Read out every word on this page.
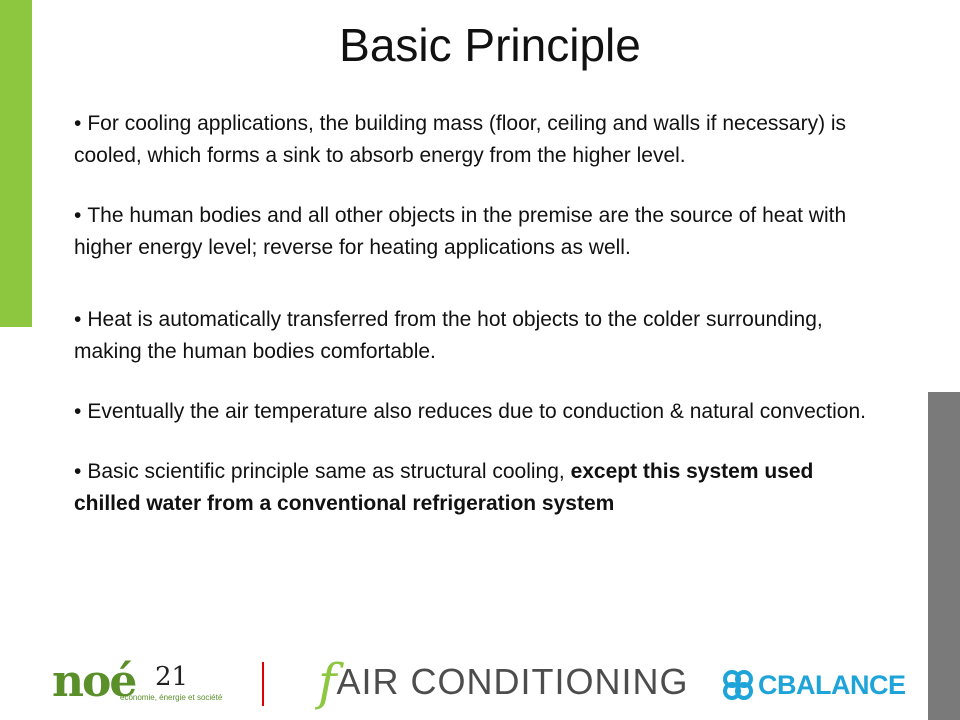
Basic Principle

• For cooling applications, the building mass (floor, ceiling and walls if necessary) is cooled, which forms a sink to absorb energy from the higher level.

• The human bodies and all other objects in the premise are the source of heat with higher energy level; reverse for heating applications as well.

• Heat is automatically transferred from the hot objects to the colder surrounding, making the human bodies comfortable.

• Eventually the air temperature also reduces due to conduction & natural convection.

• Basic scientific principle same as structural cooling, except this system used chilled water from a conventional refrigeration system

noé 21
économie, énergie et société fAIR CONDITIONING	CBALANCE
